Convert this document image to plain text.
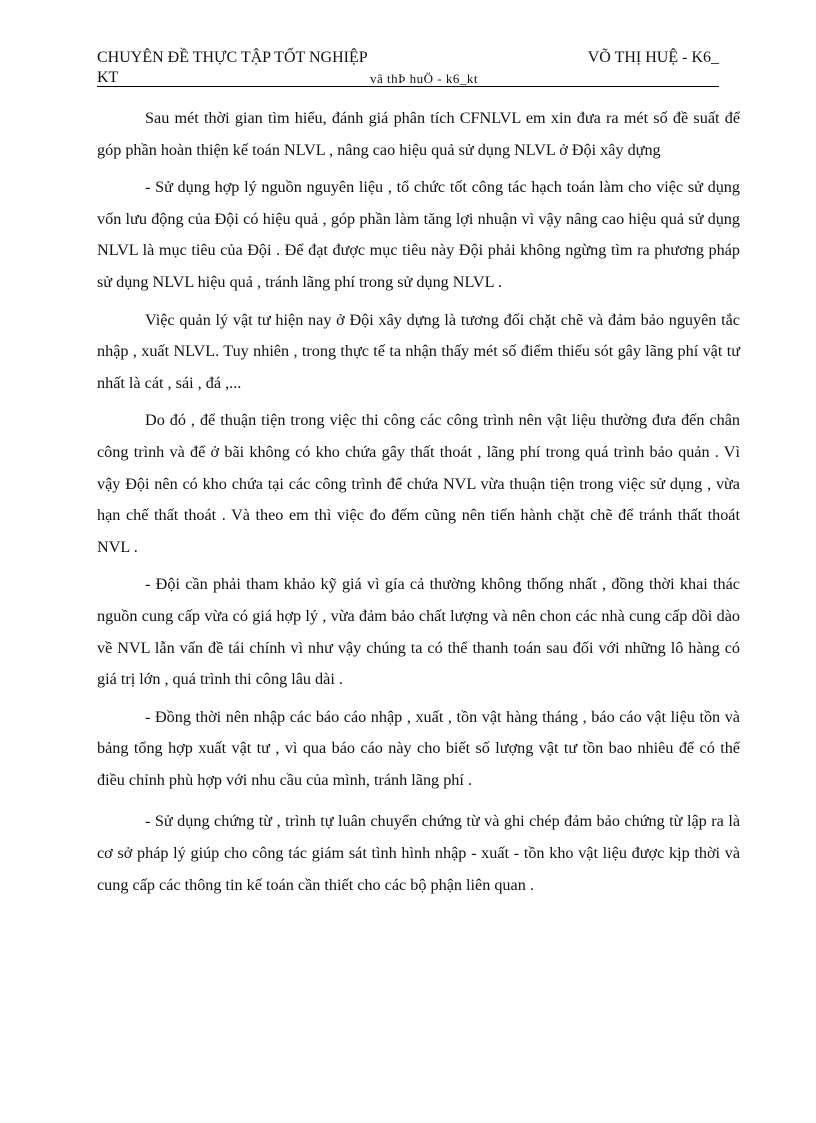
CHUYÊN ĐỀ THỰC TẬP TỐT NGHIỆP	VÕ THỊ HUỆ - K6_
KT	vâ thÞ huÖ - k6_kt

Sau mét thời gian tìm hiểu, đánh giá phân tích CFNLVL em xin đưa ra mét số đề suất để góp phần hoàn thiện kế toán NLVL , nâng cao hiệu quả sử dụng NLVL ở Đội xây dựng

- Sử dụng hợp lý nguồn nguyên liệu , tổ chức tốt công tác hạch toán làm cho việc sử dụng vốn lưu động của Đội có hiệu quả , góp phần làm tăng lợi nhuận vì vậy nâng cao hiệu quả sử dụng NLVL là mục tiêu của Đội . Để đạt được mục tiêu này Đội phải không ngừng tìm ra phương pháp sử dụng NLVL hiệu quả , tránh lãng phí trong sử dụng NLVL .

Việc quản lý vật tư hiện nay ở Đội xây dựng là tương đối chặt chẽ và đảm bảo nguyên tắc nhập , xuất NLVL. Tuy nhiên , trong thực tế ta nhận thấy mét số điểm thiếu sót gây lãng phí vật tư nhất là cát , sái , đá ,...

Do đó , để thuận tiện trong việc thi công các công trình nên vật liệu thường đưa đến chân công trình và để ở bãi không có kho chứa gây thất thoát , lãng phí trong quá trình bảo quản . Vì vậy Đội nên có kho chứa tại các công trình để chứa NVL vừa thuận tiện trong việc sử dụng , vừa hạn chế thất thoát . Và theo em thì việc đo đếm cũng nên tiến hành chặt chẽ để tránh thất thoát NVL .

- Đội cần phải tham khảo kỹ giá vì gía cả thường không thống nhất , đồng thời khai thác nguồn cung cấp vừa có giá hợp lý , vừa đảm bảo chất lượng và nên chon các nhà cung cấp dồi dào về NVL lẫn vấn đề tái chính vì như vậy chúng ta có thể thanh toán sau đối với những lô hàng có giá trị lớn , quá trình thi công lâu dài .

- Đồng thời nên nhập các báo cáo nhập , xuất , tồn vật hàng tháng , báo cáo vật liệu tồn và bảng tổng hợp xuất vật tư , vì qua báo cáo này cho biết số lượng vật tư tồn bao nhiêu để có thể điều chỉnh phù hợp với nhu cầu của mình, tránh lãng phí .

- Sử dụng chứng từ , trình tự luân chuyển chứng từ và ghi chép đảm bảo chứng từ lập ra là cơ sở pháp lý giúp cho công tác giám sát tình hình nhập - xuất - tồn kho vật liệu được kịp thời và cung cấp các thông tin kế toán cần thiết cho các bộ phận liên quan .
